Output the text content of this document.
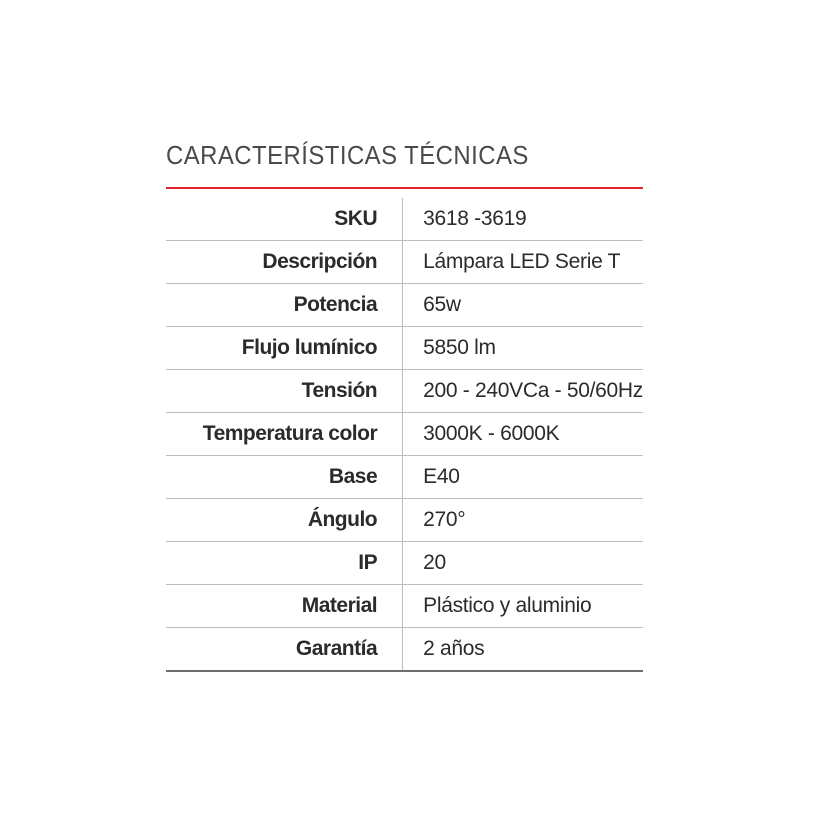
CARACTERÍSTICAS TÉCNICAS
SKU	3618 -3619
Descripción	Lámpara LED Serie T
Potencia	65w
Flujo lumínico	5850 lm
Tensión	200 - 240VCa - 50/60Hz
Temperatura color	3000K - 6000K
Base	E40
Ángulo	270°
IP	20
Material	Plástico y aluminio
Garantía	2 años
